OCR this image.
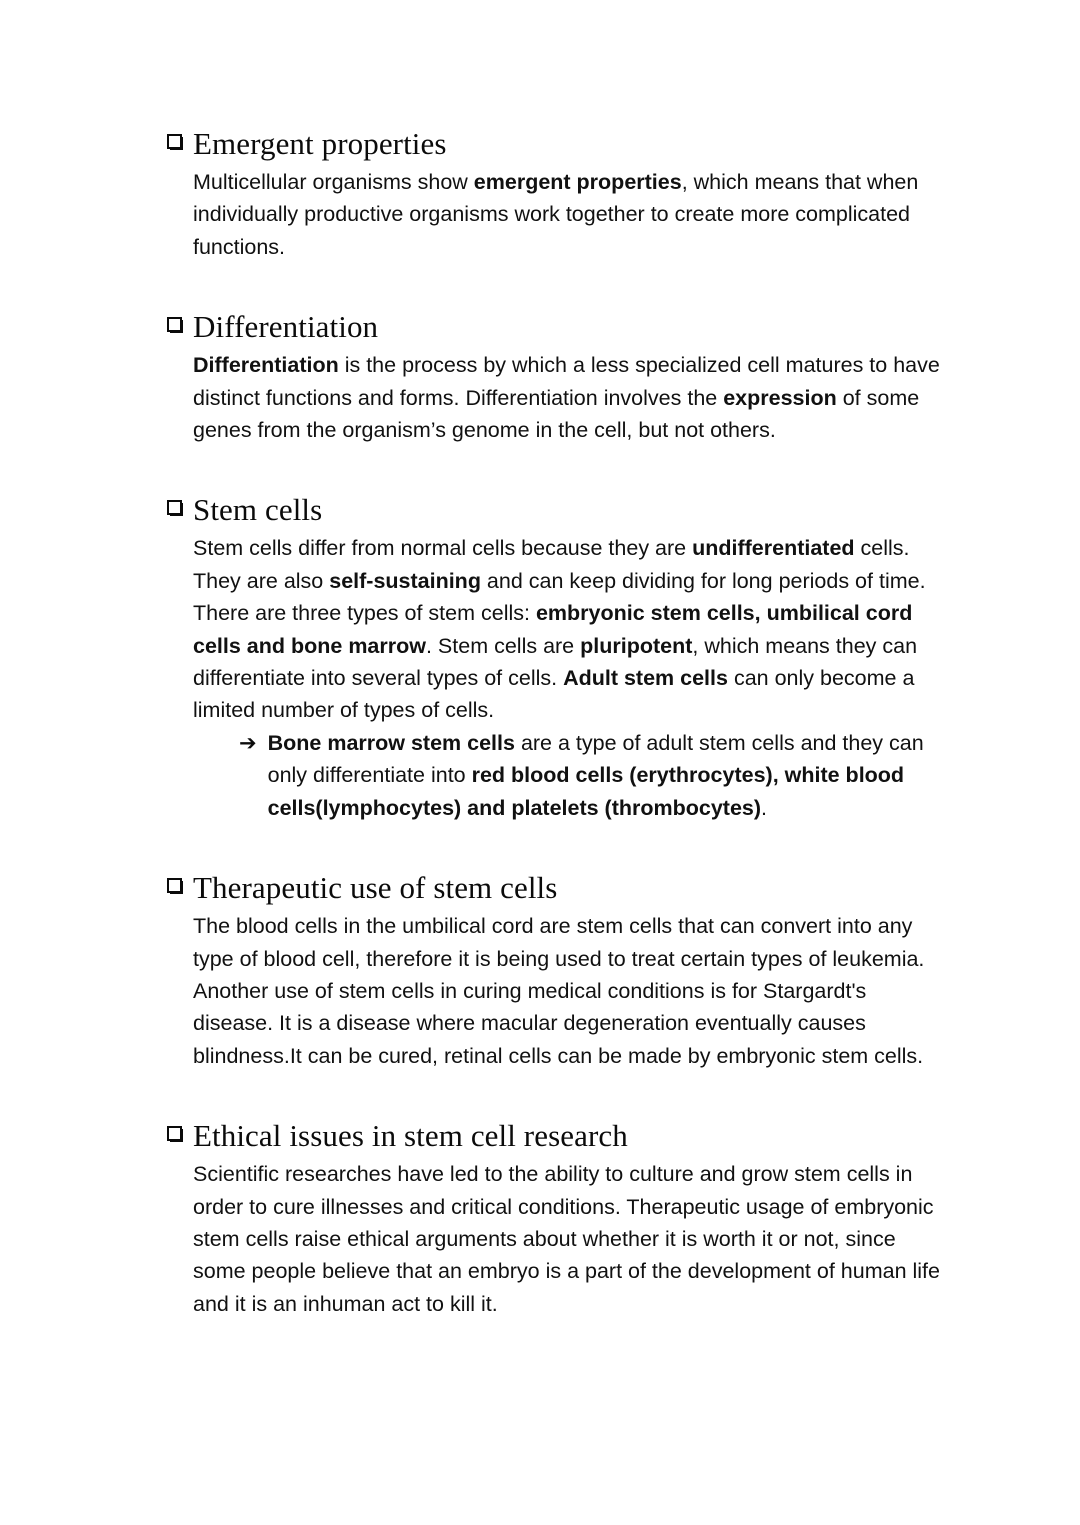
Emergent properties

Multicellular organisms show emergent properties, which means that when individually productive organisms work together to create more complicated functions.

Differentiation

Differentiation is the process by which a less specialized cell matures to have distinct functions and forms. Differentiation involves the expression of some genes from the organism’s genome in the cell, but not others.

Stem cells

Stem cells differ from normal cells because they are undifferentiated cells. They are also self-sustaining and can keep dividing for long periods of time. There are three types of stem cells: embryonic stem cells, umbilical cord cells and bone marrow. Stem cells are pluripotent, which means they can differentiate into several types of cells. Adult stem cells can only become a limited number of types of cells.

➔ Bone marrow stem cells are a type of adult stem cells and they can only differentiate into red blood cells (erythrocytes), white blood cells(lymphocytes) and platelets (thrombocytes).
Therapeutic use of stem cells

The blood cells in the umbilical cord are stem cells that can convert into any type of blood cell, therefore it is being used to treat certain types of leukemia. Another use of stem cells in curing medical conditions is for Stargardt's disease. It is a disease where macular degeneration eventually causes blindness.It can be cured, retinal cells can be made by embryonic stem cells.

Ethical issues in stem cell research

Scientific researches have led to the ability to culture and grow stem cells in order to cure illnesses and critical conditions. Therapeutic usage of embryonic stem cells raise ethical arguments about whether it is worth it or not, since some people believe that an embryo is a part of the development of human life and it is an inhuman act to kill it.
